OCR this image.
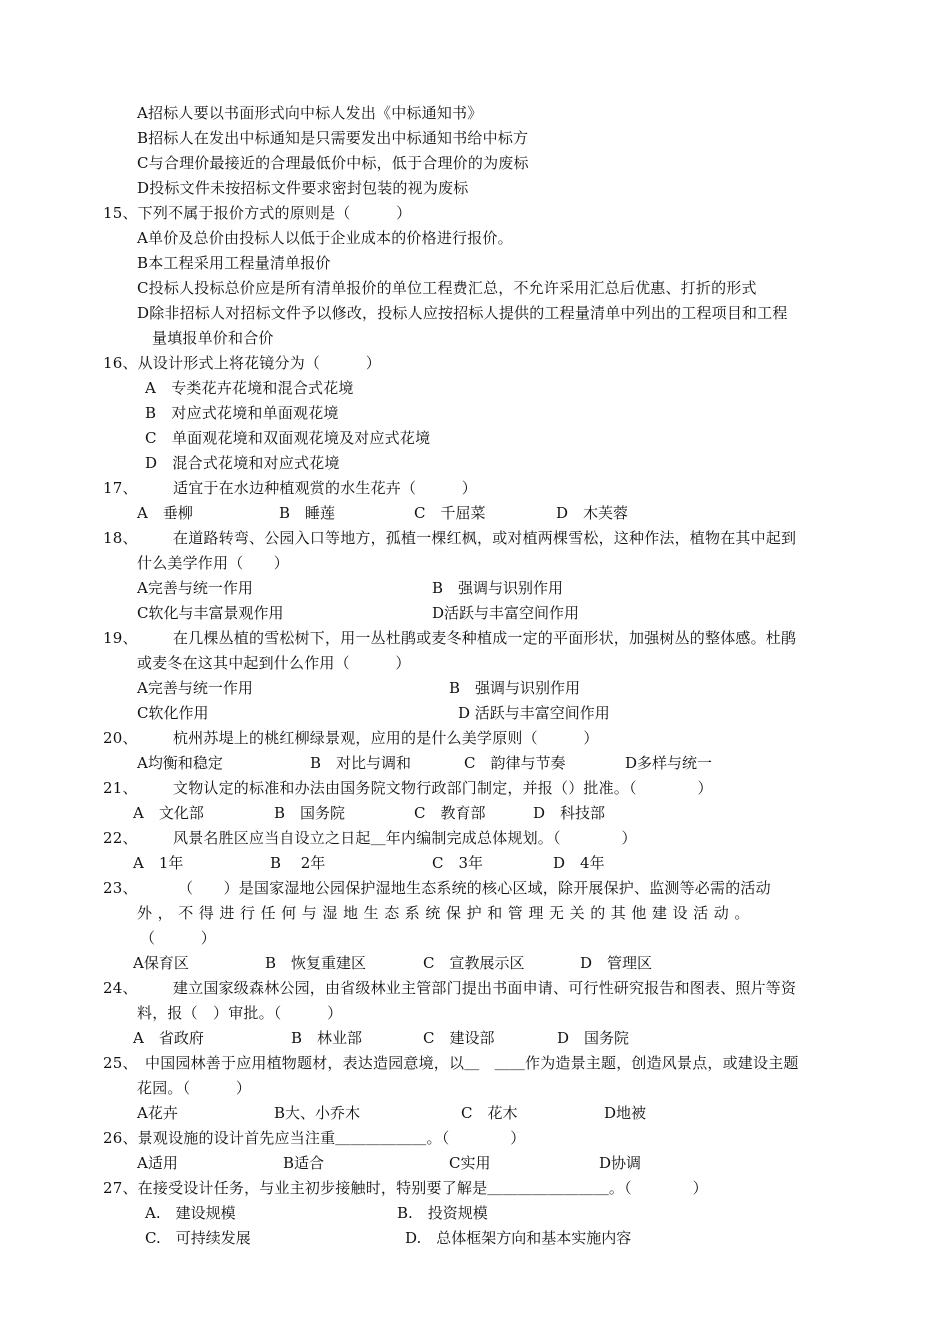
A招标人要以书面形式向中标人发出《中标通知书》
B招标人在发出中标通知是只需要发出中标通知书给中标方
C与合理价最接近的合理最低价中标，低于合理价的为废标
D投标文件未按招标文件要求密封包装的视为废标
15、下列不属于报价方式的原则是（　　　）
A单价及总价由投标人以低于企业成本的价格进行报价。
B本工程采用工程量清单报价
C投标人投标总价应是所有清单报价的单位工程费汇总，不允许采用汇总后优惠、打折的形式
D除非招标人对招标文件予以修改，投标人应按招标人提供的工程量清单中列出的工程项目和工程
量填报单价和合价
16、从设计形式上将花镜分为（　　　）
A　专类花卉花境和混合式花境
B　对应式花境和单面观花境
C　单面观花境和双面观花境及对应式花境
D　混合式花境和对应式花境
17、 适宜于在水边种植观赏的水生花卉（　　　）
A　垂柳	B　睡莲	C　千屈菜	D　木芙蓉
18、 在道路转弯、公园入口等地方，孤植一棵红枫，或对植两棵雪松，这种作法，植物在其中起到
什么美学作用（　　）
A完善与统一作用	B　强调与识别作用
C软化与丰富景观作用	D活跃与丰富空间作用
19、 在几棵丛植的雪松树下，用一丛杜鹃或麦冬种植成一定的平面形状，加强树丛的整体感。杜鹃
或麦冬在这其中起到什么作用（　　　）
A完善与统一作用	B　强调与识别作用
C软化作用	D 活跃与丰富空间作用
20、 杭州苏堤上的桃红柳绿景观，应用的是什么美学原则（　　　）
A均衡和稳定	B　对比与调和	C　韵律与节奏	D多样与统一
21、 文物认定的标准和办法由国务院文物行政部门制定，并报（）批准。（　　　　）
A　文化部	B　国务院	C　教育部	D　科技部
22、 风景名胜区应当自设立之日起＿年内编制完成总体规划。（　　　　）
A　1年	B　 2年	C　3年	D　4年
23、	（　　）是国家湿地公园保护湿地生态系统的核心区域，除开展保护、监测等必需的活动
外，不得进行任何与湿地生态系统保护和管理无关的其他建设活动。
（　　　）
A保育区	B　恢复重建区	C　宣教展示区	D　管理区
24、 建立国家级森林公园，由省级林业主管部门提出书面申请、可行性研究报告和图表、照片等资
料，报（　）审批。（　　　）
A　省政府	B　林业部	C　建设部	D　国务院
25、 中国园林善于应用植物题材，表达造园意境，以＿　＿＿作为造景主题，创造风景点，或建设主题
花园。（　　　）
A花卉	B大、小乔木	C　花木	D地被
26、景观设施的设计首先应当注重＿＿＿＿＿＿。（　　　　）
A适用	B适合	C实用	D协调
27、在接受设计任务，与业主初步接触时，特别要了解是＿＿＿＿＿＿＿＿。（　　　　）
A.　建设规模	B.　投资规模
C.　可持续发展	D.　总体框架方向和基本实施内容
